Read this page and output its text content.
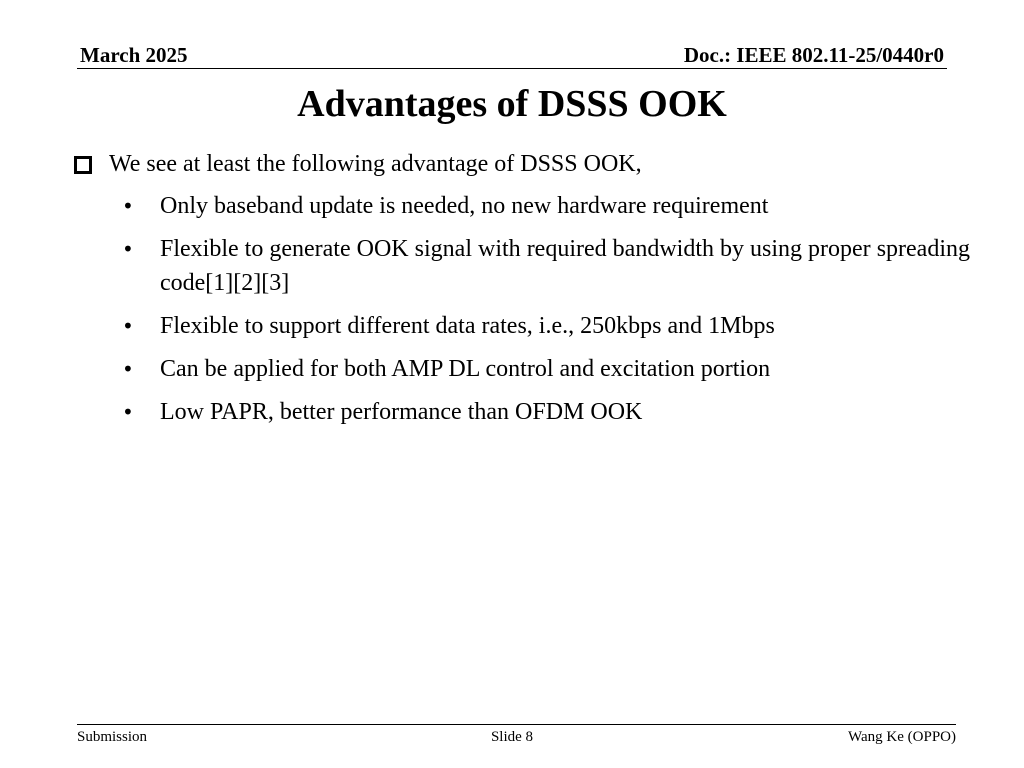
March 2025	Doc.: IEEE 802.11-25/0440r0
Advantages of DSSS OOK
We see at least the following advantage of DSSS OOK,
• Only baseband update is needed, no new hardware requirement
• Flexible to generate OOK signal with required bandwidth by using proper spreading code[1][2][3]
• Flexible to support different data rates, i.e., 250kbps and 1Mbps
• Can be applied for both AMP DL control and excitation portion
• Low PAPR, better performance than OFDM OOK
Submission	Slide 8	Wang Ke (OPPO)
